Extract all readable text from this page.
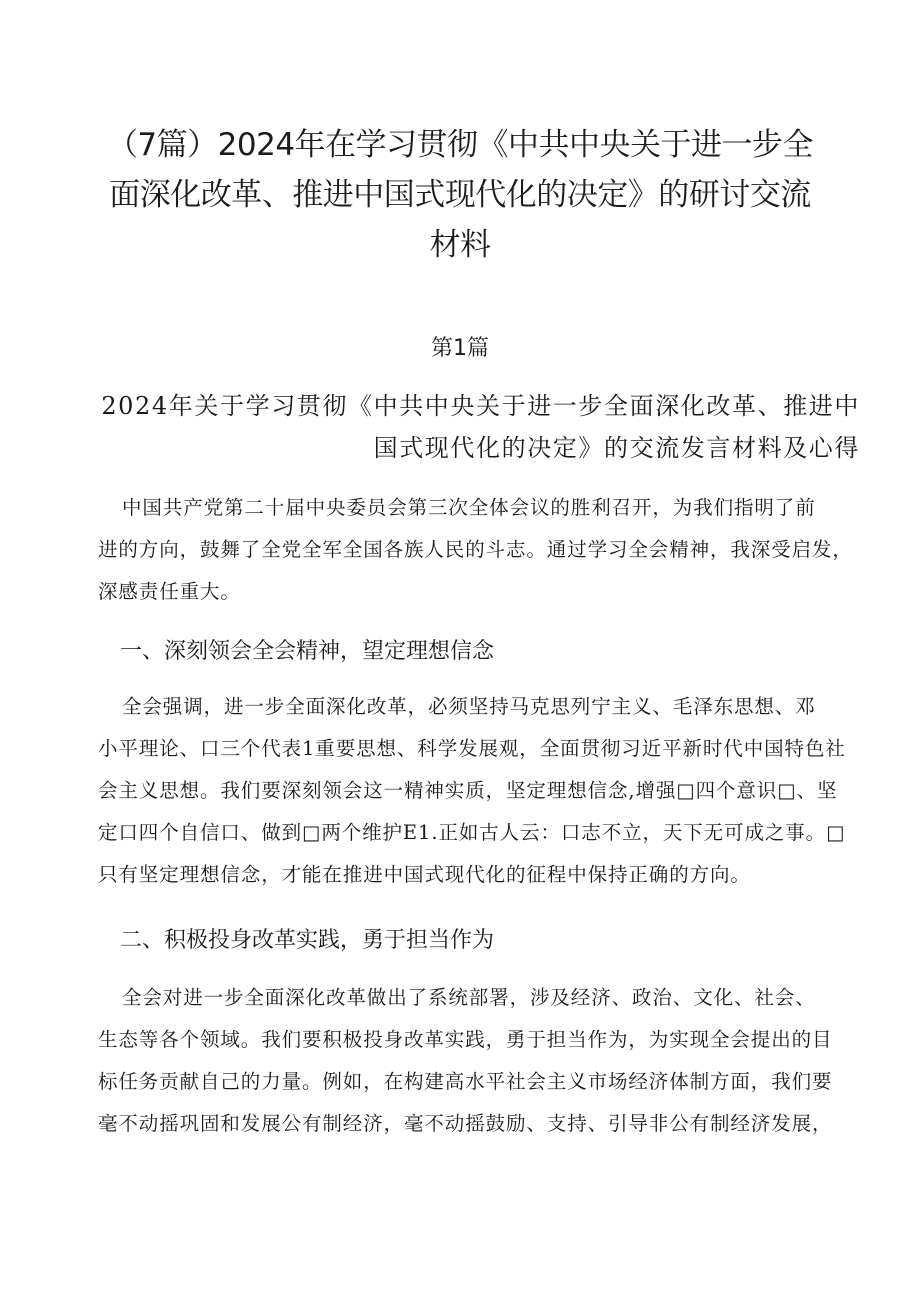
（7篇）2024年在学习贯彻《中共中央关于进一步全
面深化改革、推进中国式现代化的决定》的研讨交流
材料
第1篇
2024年关于学习贯彻《中共中央关于进一步全面深化改革、推进中
国式现代化的决定》的交流发言材料及心得
中国共产党第二十届中央委员会第三次全体会议的胜利召开，为我们指明了前
进的方向，鼓舞了全党全军全国各族人民的斗志。通过学习全会精神，我深受启发，
深感责任重大。
一、深刻领会全会精神，望定理想信念
全会强调，进一步全面深化改革，必须坚持马克思列宁主义、毛泽东思想、邓
小平理论、口三个代表1重要思想、科学发展观，全面贯彻习近平新时代中国特色社
会主义思想。我们要深刻领会这一精神实质，坚定理想信念,增强□四个意识□、坚
定口四个自信口、做到□两个维护E1.正如古人云：口志不立，天下无可成之事。□
只有坚定理想信念，才能在推进中国式现代化的征程中保持正确的方向。
二、积极投身改革实践，勇于担当作为
全会对进一步全面深化改革做出了系统部署，涉及经济、政治、文化、社会、
生态等各个领域。我们要积极投身改革实践，勇于担当作为，为实现全会提出的目
标任务贡献自己的力量。例如，在构建高水平社会主义市场经济体制方面，我们要
毫不动摇巩固和发展公有制经济，毫不动摇鼓励、支持、引导非公有制经济发展，
